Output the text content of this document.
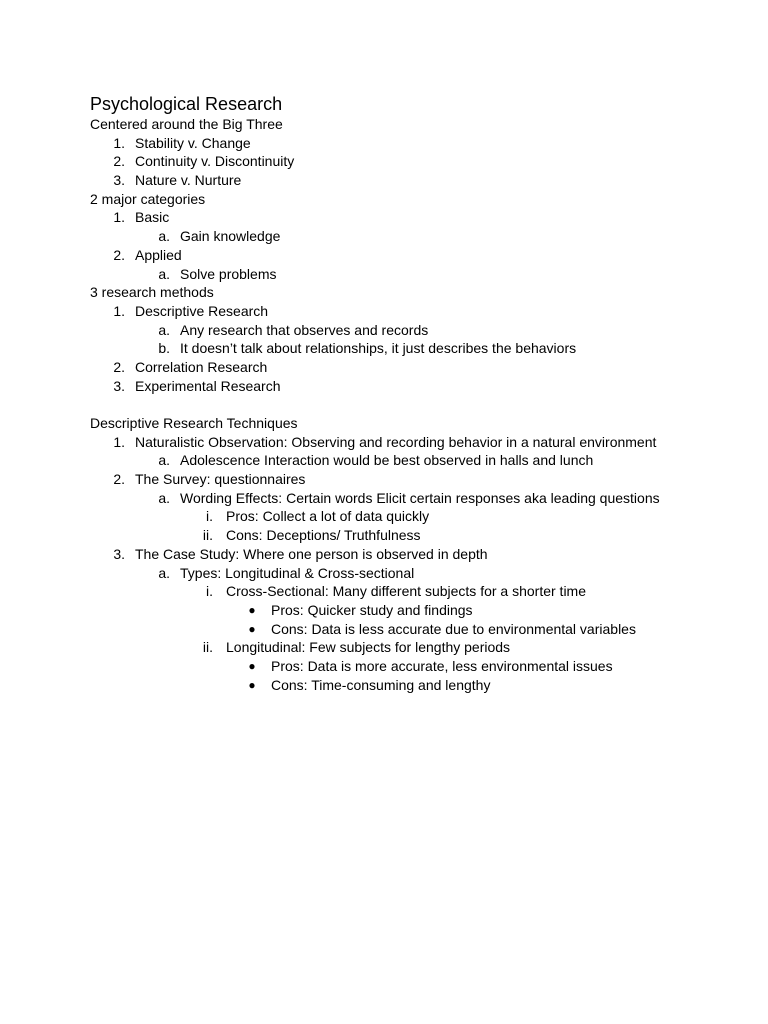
Psychological Research
Centered around the Big Three
1. Stability v. Change
2. Continuity v. Discontinuity
3. Nature v. Nurture
2 major categories
1. Basic
a. Gain knowledge
2. Applied
a. Solve problems
3 research methods
1. Descriptive Research
a. Any research that observes and records
b. It doesn’t talk about relationships, it just describes the behaviors
2. Correlation Research
3. Experimental Research
Descriptive Research Techniques
1. Naturalistic Observation: Observing and recording behavior in a natural environment
a. Adolescence Interaction would be best observed in halls and lunch
2. The Survey: questionnaires
a. Wording Effects: Certain words Elicit certain responses aka leading questions
i. Pros: Collect a lot of data quickly
ii. Cons: Deceptions/ Truthfulness
3. The Case Study: Where one person is observed in depth
a. Types: Longitudinal & Cross-sectional
i. Cross-Sectional: Many different subjects for a shorter time
● Pros: Quicker study and findings
● Cons: Data is less accurate due to environmental variables
ii. Longitudinal: Few subjects for lengthy periods
● Pros: Data is more accurate, less environmental issues
● Cons: Time-consuming and lengthy
